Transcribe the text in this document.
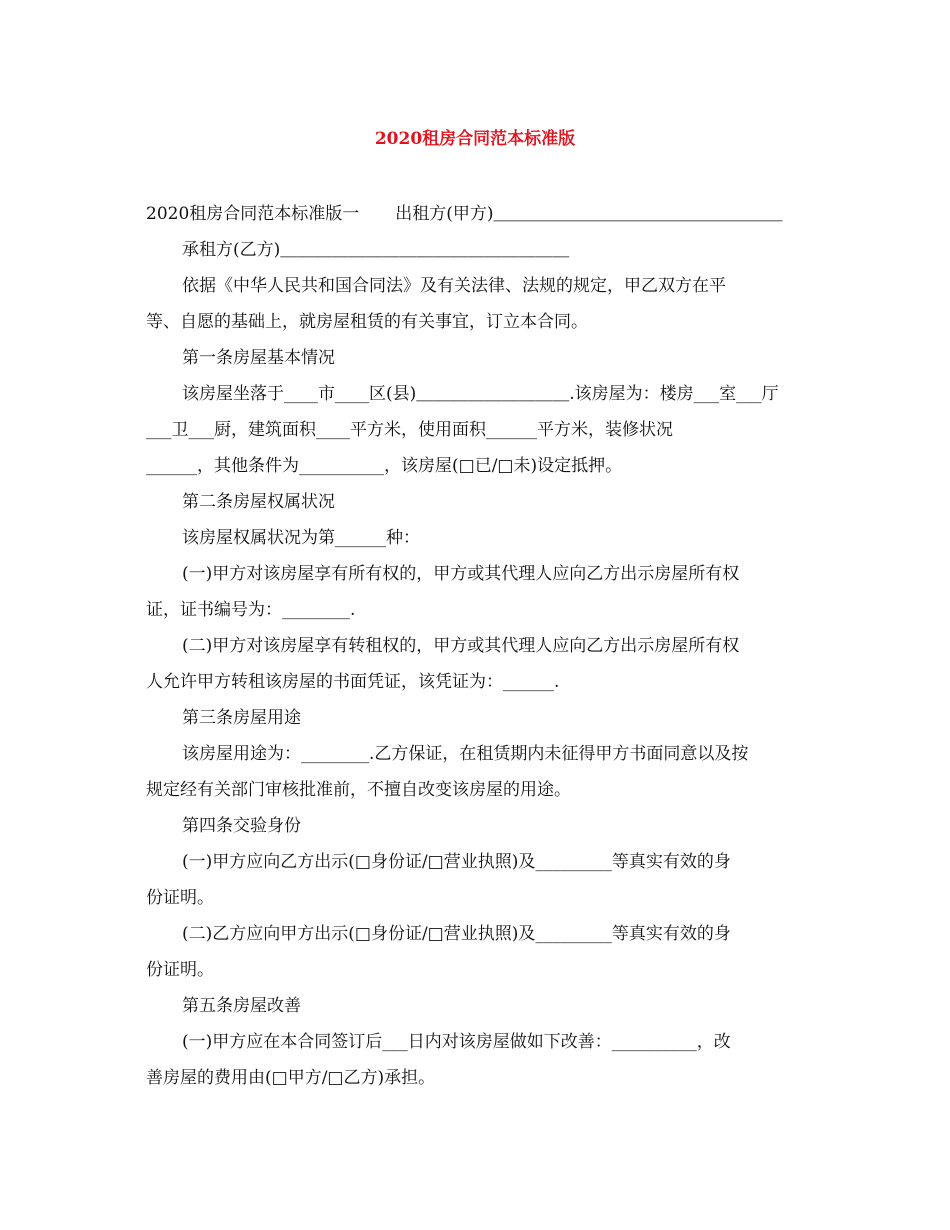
2020租房合同范本标准版
2020租房合同范本标准版一 出租方(甲方)＿＿＿＿＿＿＿＿＿＿＿＿＿＿＿＿＿
承租方(乙方)＿＿＿＿＿＿＿＿＿＿＿＿＿＿＿＿＿
依据《中华人民共和国合同法》及有关法律、法规的规定，甲乙双方在平
等、自愿的基础上，就房屋租赁的有关事宜，订立本合同。
第一条房屋基本情况
该房屋坐落于____市____区(县)＿＿＿＿＿＿＿＿＿.该房屋为：楼房___室___厅
___卫___厨，建筑面积____平方米，使用面积______平方米，装修状况
______，其他条件为__________，该房屋(□已/□未)设定抵押。
第二条房屋权属状况
该房屋权属状况为第______种：
(一)甲方对该房屋享有所有权的，甲方或其代理人应向乙方出示房屋所有权
证，证书编号为：________.
(二)甲方对该房屋享有转租权的，甲方或其代理人应向乙方出示房屋所有权
人允许甲方转租该房屋的书面凭证，该凭证为：______.
第三条房屋用途
该房屋用途为：________.乙方保证，在租赁期内未征得甲方书面同意以及按
规定经有关部门审核批准前，不擅自改变该房屋的用途。
第四条交验身份
(一)甲方应向乙方出示(□身份证/□营业执照)及_________等真实有效的身
份证明。
(二)乙方应向甲方出示(□身份证/□营业执照)及_________等真实有效的身
份证明。
第五条房屋改善
(一)甲方应在本合同签订后___日内对该房屋做如下改善：__________，改
善房屋的费用由(□甲方/□乙方)承担。
